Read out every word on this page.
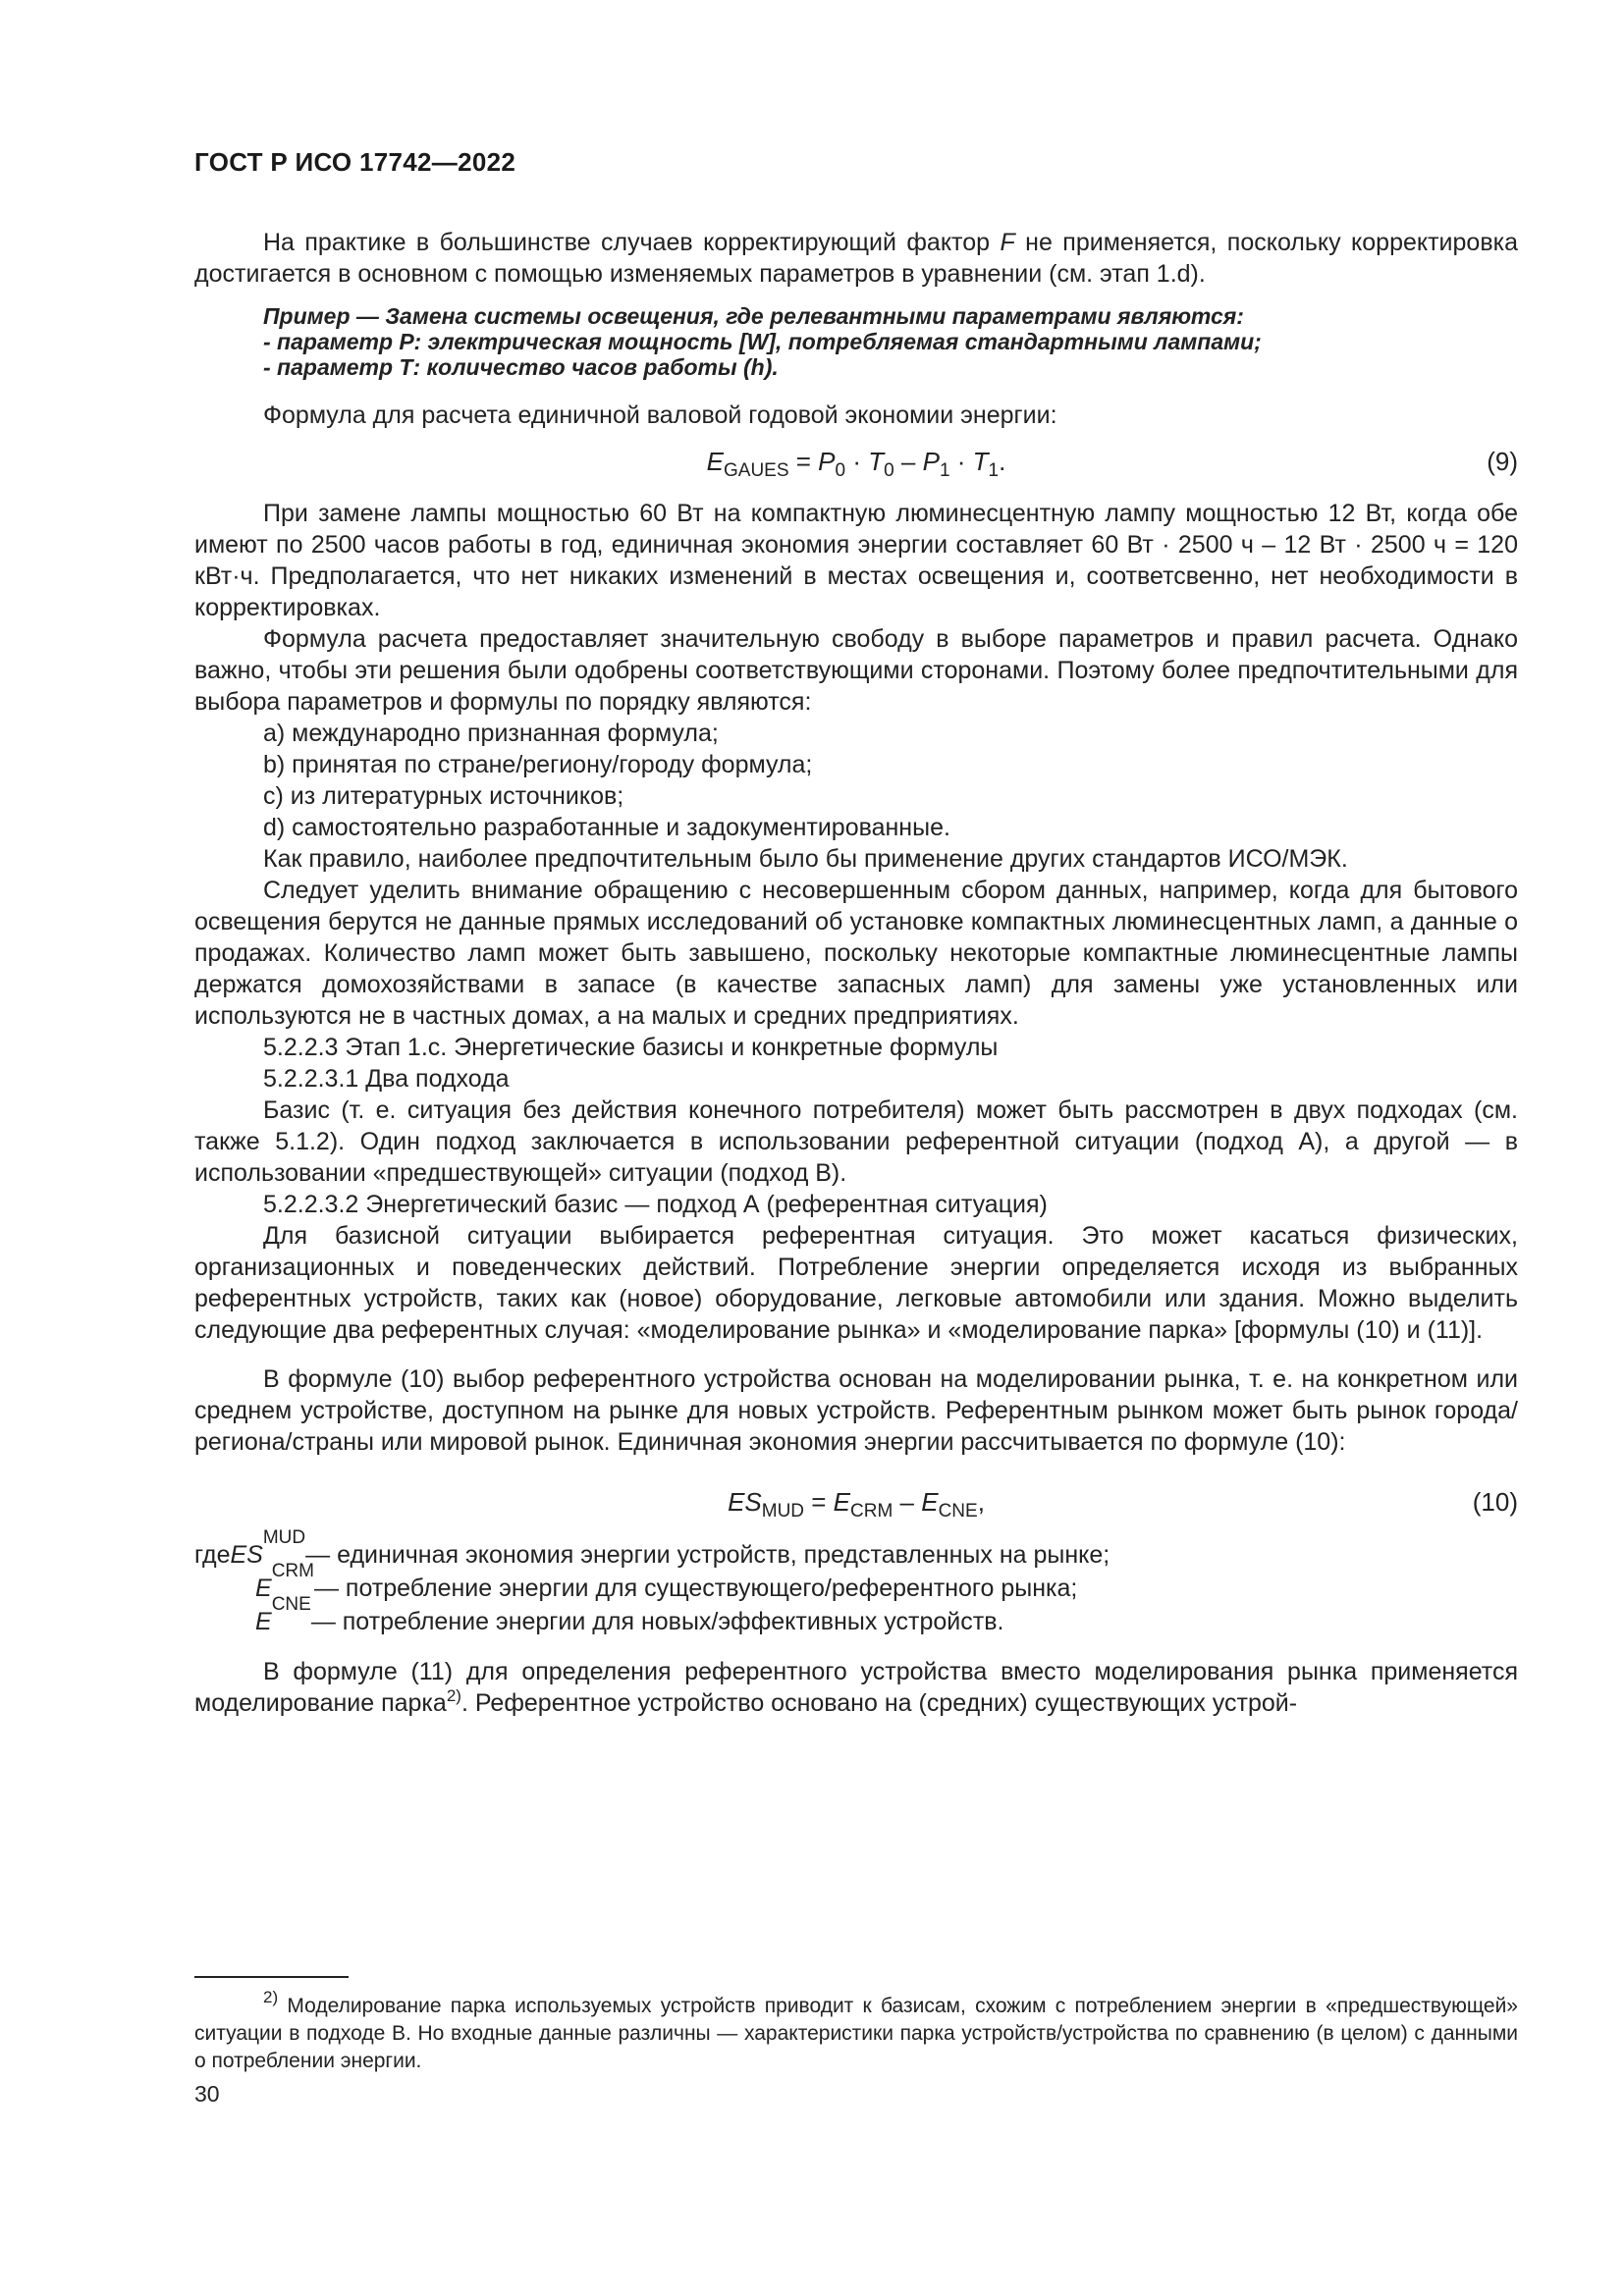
ГОСТ Р ИСО 17742—2022

На практике в большинстве случаев корректирующий фактор F не применяется, поскольку корректировка достигается в основном с помощью изменяемых параметров в уравнении (см. этап 1.d).

Пример — Замена системы освещения, где релевантными параметрами являются:
- параметр Р: электрическая мощность [W], потребляемая стандартными лампами;
- параметр Т: количество часов работы (h).

Формула для расчета единичной валовой годовой экономии энергии:

$E_{GAUES} = P_0 \cdot T_0 - P_1 \cdot T_1$.	(9)

При замене лампы мощностью 60 Вт на компактную люминесцентную лампу мощностью 12 Вт, когда обе имеют по 2500 часов работы в год, единичная экономия энергии составляет 60 Вт · 2500 ч – 12 Вт · 2500 ч = 120 кВт·ч. Предполагается, что нет никаких изменений в местах освещения и, соответсвенно, нет необходимости в корректировках.

Формула расчета предоставляет значительную свободу в выборе параметров и правил расчета. Однако важно, чтобы эти решения были одобрены соответствующими сторонами. Поэтому более предпочтительными для выбора параметров и формулы по порядку являются:

a) международно признанная формула;

b) принятая по стране/региону/городу формула;

c) из литературных источников;

d) самостоятельно разработанные и задокументированные.

Как правило, наиболее предпочтительным было бы применение других стандартов ИСО/МЭК.

Следует уделить внимание обращению с несовершенным сбором данных, например, когда для бытового освещения берутся не данные прямых исследований об установке компактных люминесцентных ламп, а данные о продажах. Количество ламп может быть завышено, поскольку некоторые компактные люминесцентные лампы держатся домохозяйствами в запасе (в качестве запасных ламп) для замены уже установленных или используются не в частных домах, а на малых и средних предприятиях.

5.2.2.3 Этап 1.с. Энергетические базисы и конкретные формулы

5.2.2.3.1 Два подхода

Базис (т. е. ситуация без действия конечного потребителя) может быть рассмотрен в двух подходах (см. также 5.1.2). Один подход заключается в использовании референтной ситуации (подход А), а другой — в использовании «предшествующей» ситуации (подход В).

5.2.2.3.2 Энергетический базис — подход А (референтная ситуация)

Для базисной ситуации выбирается референтная ситуация. Это может касаться физических, организационных и поведенческих действий. Потребление энергии определяется исходя из выбранных референтных устройств, таких как (новое) оборудование, легковые автомобили или здания. Можно выделить следующие два референтных случая: «моделирование рынка» и «моделирование парка» [формулы (10) и (11)].

В формуле (10) выбор референтного устройства основан на моделировании рынка, т. е. на конкретном или среднем устройстве, доступном на рынке для новых устройств. Референтным рынком может быть рынок города/региона/страны или мировой рынок. Единичная экономия энергии рассчитывается по формуле (10):

$ES_{MUD} = E_{CRM} - E_{CNE}$,	(10)
где ES
MUD
— единичная экономия энергии устройств, представленных на рынке;
E
CRM
— потребление энергии для существующего/референтного рынка;
E
CNE
— потребление энергии для новых/эффективных устройств.

В формуле (11) для определения референтного устройства вместо моделирования рынка применяется моделирование парка$^{2)}$. Референтное устройство основано на (средних) существующих устрой-

$^{2)}$ Моделирование парка используемых устройств приводит к базисам, схожим с потреблением энергии в «предшествующей» ситуации в подходе В. Но входные данные различны — характеристики парка устройств/устройства по сравнению (в целом) с данными о потреблении энергии.
30
